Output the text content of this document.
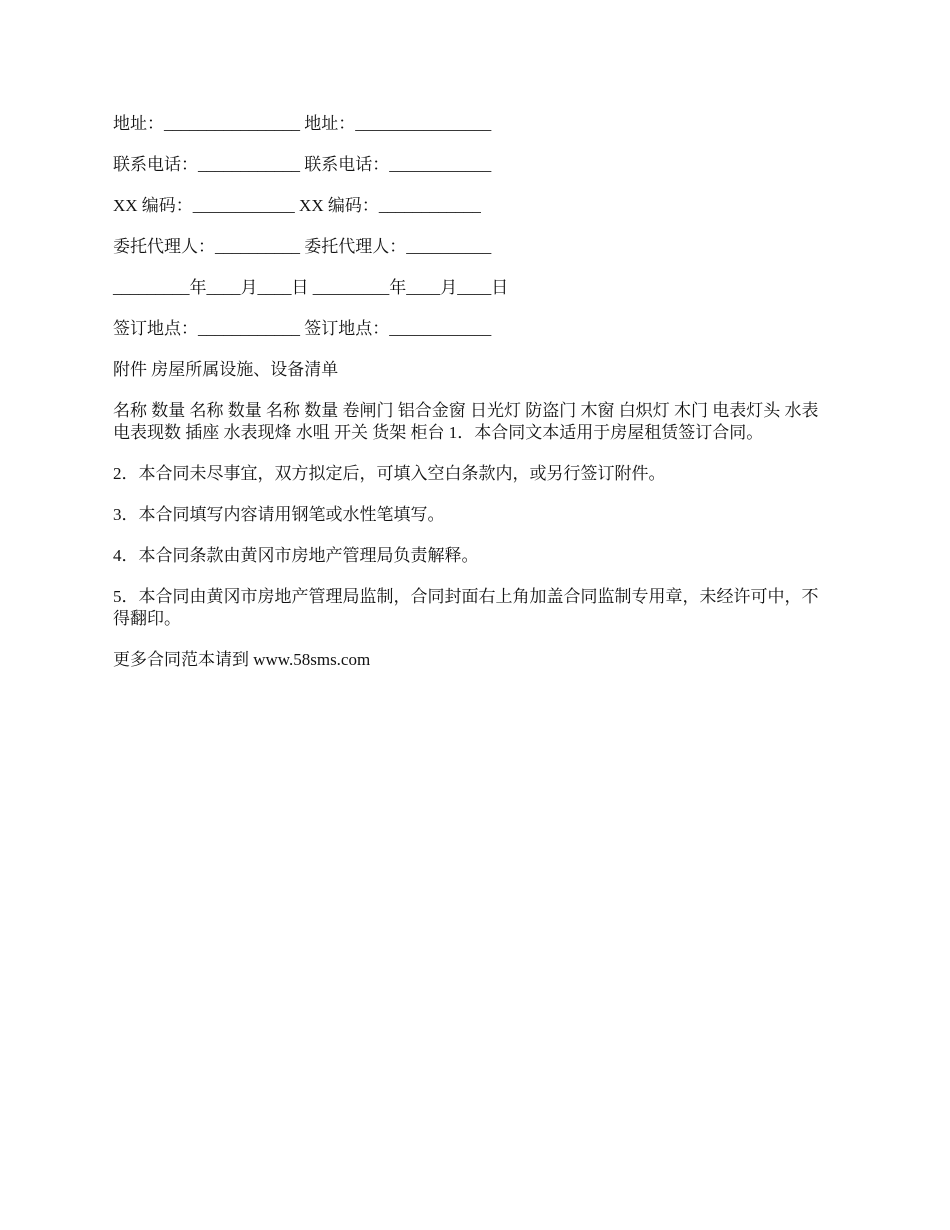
地址：________________ 地址：________________
联系电话：____________ 联系电话：____________
XX 编码：____________ XX 编码：____________
委托代理人：__________ 委托代理人：__________
_________年____月____日 _________年____月____日
签订地点：____________ 签订地点：____________
附件 房屋所属设施、设备清单
名称 数量 名称 数量 名称 数量 卷闸门 铝合金窗 日光灯 防盗门 木窗 白炽灯 木门 电表灯头 水表 电表现数 插座 水表现烽 水咀 开关 货架 柜台 1．本合同文本适用于房屋租赁签订合同。
2．本合同未尽事宜，双方拟定后，可填入空白条款内，或另行签订附件。
3．本合同填写内容请用钢笔或水性笔填写。
4．本合同条款由黄冈市房地产管理局负责解释。
5．本合同由黄冈市房地产管理局监制，合同封面右上角加盖合同监制专用章，未经许可中，不得翻印。
更多合同范本请到 www.58sms.com
